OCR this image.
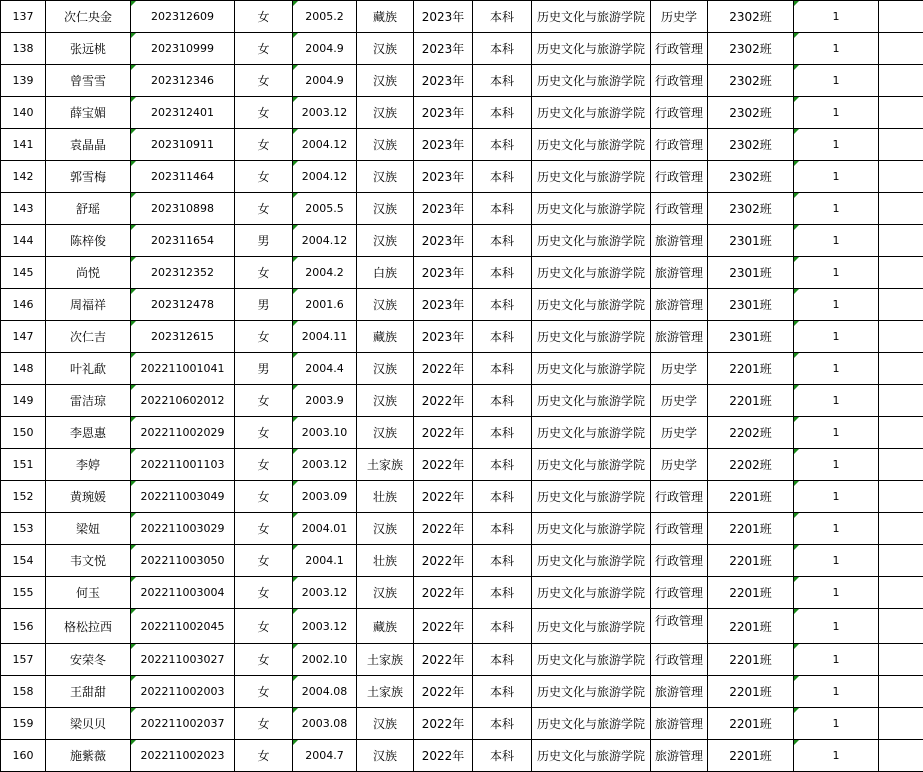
137	次仁央金	202312609	女	2005.2	藏族	2023年	本科	历史文化与旅游学院	历史学	2302班	1	
138	张远桃	202310999	女	2004.9	汉族	2023年	本科	历史文化与旅游学院	行政管理	2302班	1	
139	曾雪雪	202312346	女	2004.9	汉族	2023年	本科	历史文化与旅游学院	行政管理	2302班	1	
140	薛宝媚	202312401	女	2003.12	汉族	2023年	本科	历史文化与旅游学院	行政管理	2302班	1	
141	袁晶晶	202310911	女	2004.12	汉族	2023年	本科	历史文化与旅游学院	行政管理	2302班	1	
142	郭雪梅	202311464	女	2004.12	汉族	2023年	本科	历史文化与旅游学院	行政管理	2302班	1	
143	舒瑶	202310898	女	2005.5	汉族	2023年	本科	历史文化与旅游学院	行政管理	2302班	1	
144	陈梓俊	202311654	男	2004.12	汉族	2023年	本科	历史文化与旅游学院	旅游管理	2301班	1	
145	尚悦	202312352	女	2004.2	白族	2023年	本科	历史文化与旅游学院	旅游管理	2301班	1	
146	周福祥	202312478	男	2001.6	汉族	2023年	本科	历史文化与旅游学院	旅游管理	2301班	1	
147	次仁吉	202312615	女	2004.11	藏族	2023年	本科	历史文化与旅游学院	旅游管理	2301班	1	
148	叶礼歃	202211001041	男	2004.4	汉族	2022年	本科	历史文化与旅游学院	历史学	2201班	1	
149	雷洁琼	202210602012	女	2003.9	汉族	2022年	本科	历史文化与旅游学院	历史学	2201班	1	
150	李恩惠	202211002029	女	2003.10	汉族	2022年	本科	历史文化与旅游学院	历史学	2202班	1	
151	李婷	202211001103	女	2003.12	土家族	2022年	本科	历史文化与旅游学院	历史学	2202班	1	
152	黄琬媛	202211003049	女	2003.09	壮族	2022年	本科	历史文化与旅游学院	行政管理	2201班	1	
153	梁妞	202211003029	女	2004.01	汉族	2022年	本科	历史文化与旅游学院	行政管理	2201班	1	
154	韦文悦	202211003050	女	2004.1	壮族	2022年	本科	历史文化与旅游学院	行政管理	2201班	1	
155	何玉	202211003004	女	2003.12	汉族	2022年	本科	历史文化与旅游学院	行政管理	2201班	1	
156	格松拉西	202211002045	女	2003.12	藏族	2022年	本科	历史文化与旅游学院	行政管理	2201班	1	
157	安荣冬	202211003027	女	2002.10	土家族	2022年	本科	历史文化与旅游学院	行政管理	2201班	1	
158	王甜甜	202211002003	女	2004.08	土家族	2022年	本科	历史文化与旅游学院	旅游管理	2201班	1	
159	梁贝贝	202211002037	女	2003.08	汉族	2022年	本科	历史文化与旅游学院	旅游管理	2201班	1	
160	施紫薇	202211002023	女	2004.7	汉族	2022年	本科	历史文化与旅游学院	旅游管理	2201班	1	
